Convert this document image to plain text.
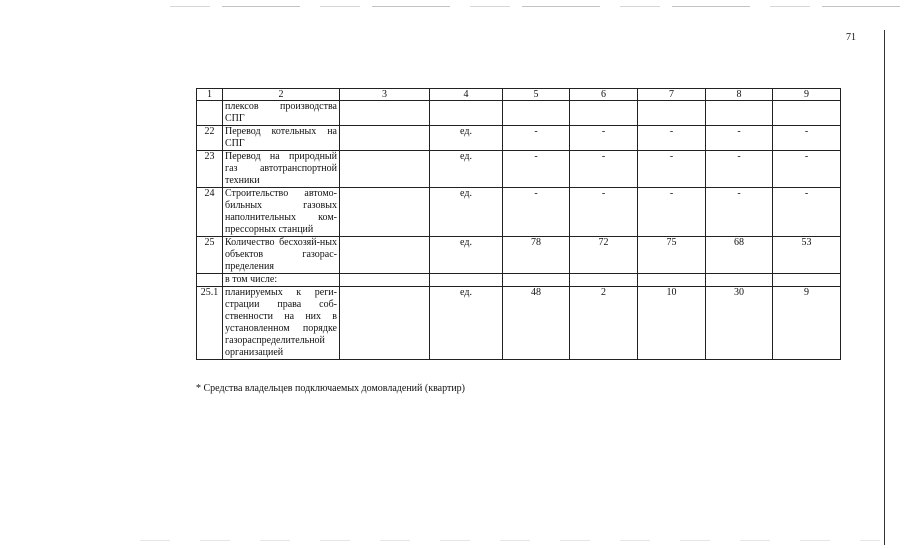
71
1	2	3	4	5	6	7	8	9
	плексов производства СПГ							
22	Перевод котельных на СПГ		ед.	-	-	-	-	-
23	Перевод на природный газ автотранспортной техники		ед.	-	-	-	-	-
24	Строительство автомо-бильных газовых наполнительных ком-прессорных станций		ед.	-	-	-	-	-
25	Количество бесхозяй-ных объектов газорас-пределения		ед.	78	72	75	68	53
	в том числе:							
25.1	планируемых к реги-страции права соб-ственности на них в установленном порядке газораспределительной организацией		ед.	48	2	10	30	9
* Средства владельцев подключаемых домовладений (квартир)
